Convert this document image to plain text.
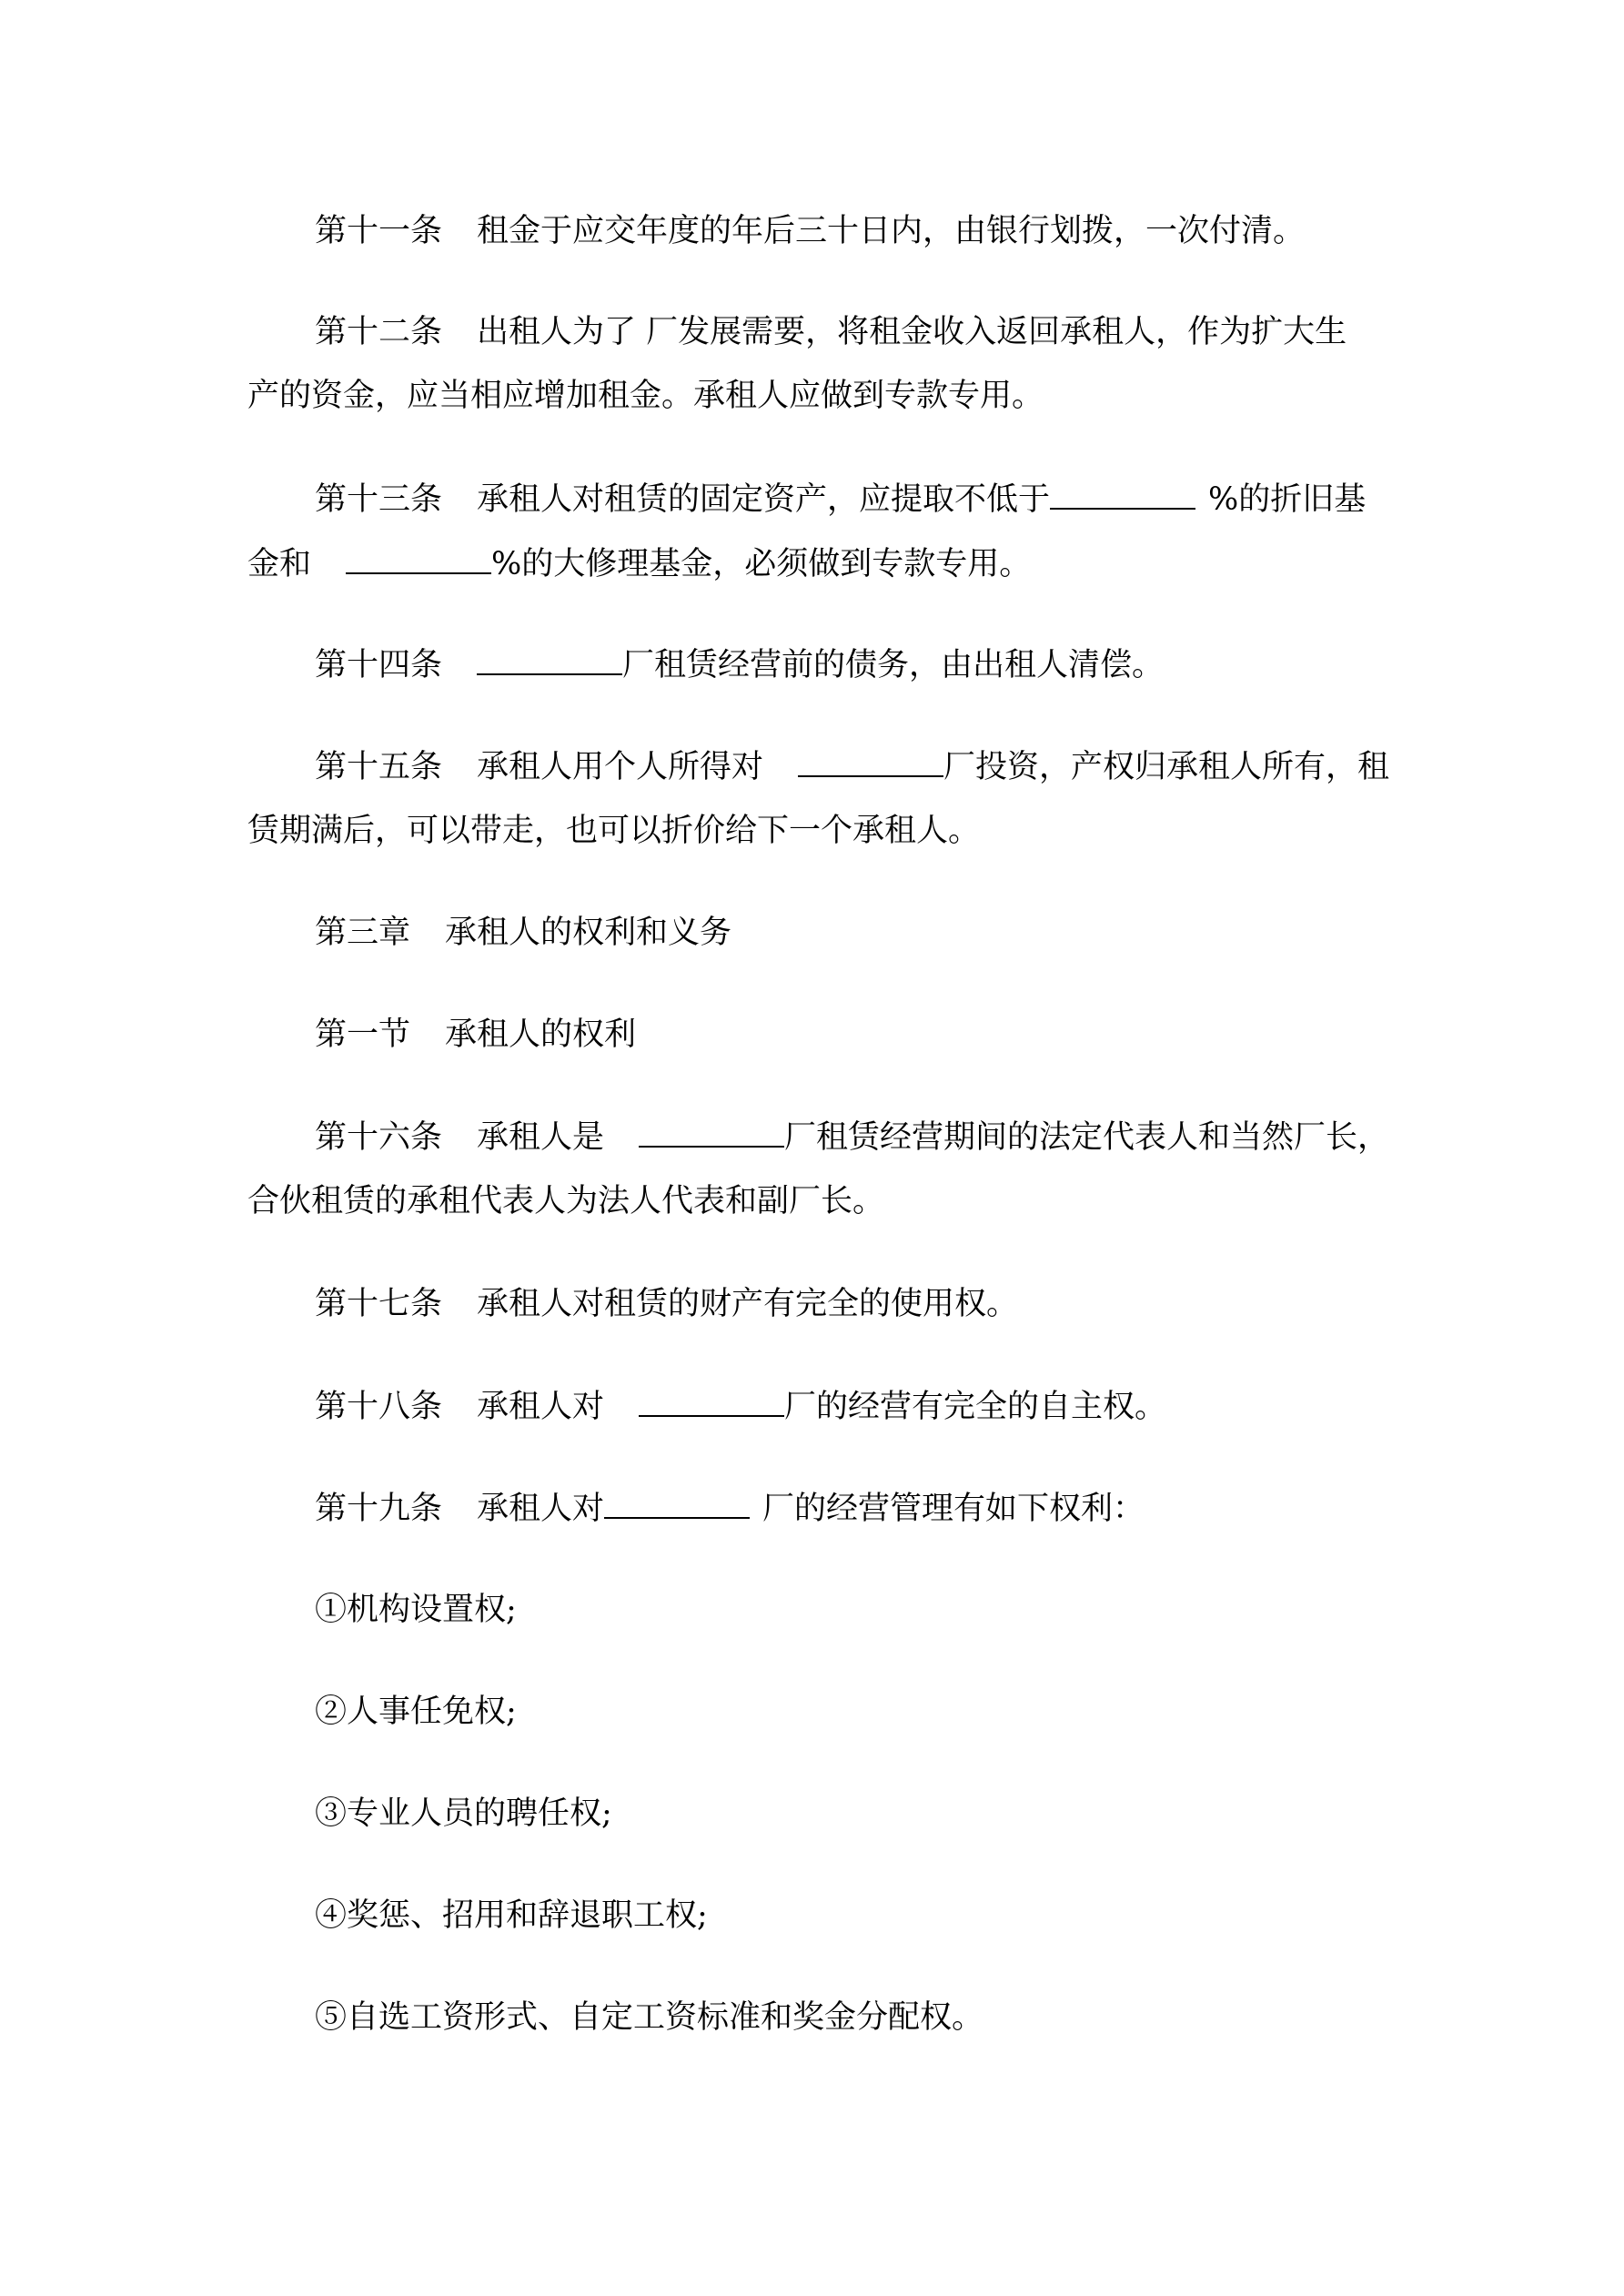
第十一条 租金于应交年度的年后三十日内，由银行划拨，一次付清。
第十二条 出租人为了 厂发展需要，将租金收入返回承租人，作为扩大生
产的资金，应当相应增加租金。承租人应做到专款专用。
第十三条 承租人对租赁的固定资产，应提取不低于	%的折旧基
金和	%的大修理基金，必须做到专款专用。
第十四条	厂租赁经营前的债务，由出租人清偿。
第十五条 承租人用个人所得对	厂投资，产权归承租人所有，租
赁期满后，可以带走，也可以折价给下一个承租人。
第三章 承租人的权利和义务
第一节 承租人的权利
第十六条 承租人是	厂租赁经营期间的法定代表人和当然厂长，
合伙租赁的承租代表人为法人代表和副厂长。
第十七条 承租人对租赁的财产有完全的使用权。
第十八条 承租人对	厂的经营有完全的自主权。
第十九条 承租人对	厂的经营管理有如下权利：
①机构设置权;
②人事任免权;
③专业人员的聘任权;
④奖惩、招用和辞退职工权;
⑤自选工资形式、自定工资标准和奖金分配权。
